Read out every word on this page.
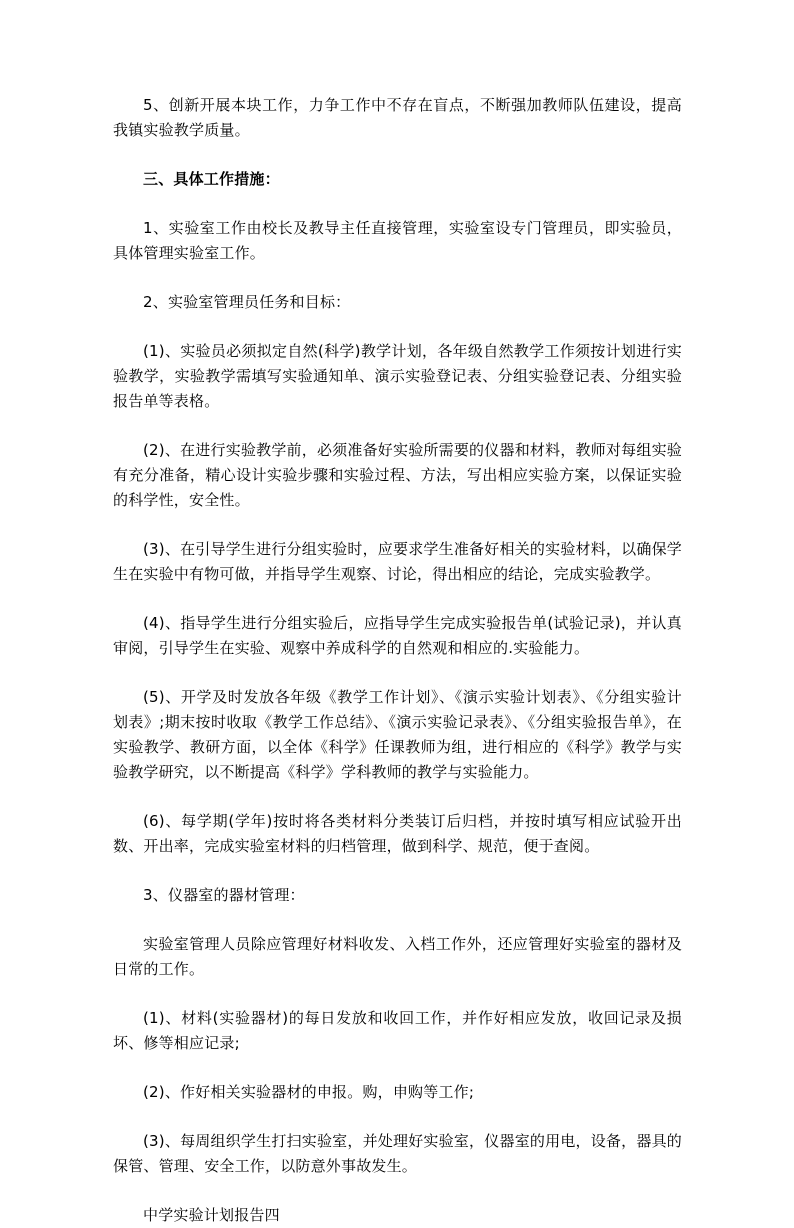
5、创新开展本块工作，力争工作中不存在盲点，不断强加教师队伍建设，提高我镇实验教学质量。

三、具体工作措施：

1、实验室工作由校长及教导主任直接管理，实验室设专门管理员，即实验员，具体管理实验室工作。

2、实验室管理员任务和目标：

(1)、实验员必须拟定自然(科学)教学计划，各年级自然教学工作须按计划进行实验教学，实验教学需填写实验通知单、演示实验登记表、分组实验登记表、分组实验报告单等表格。

(2)、在进行实验教学前，必须准备好实验所需要的仪器和材料，教师对每组实验有充分准备，精心设计实验步骤和实验过程、方法，写出相应实验方案，以保证实验的科学性，安全性。

(3)、在引导学生进行分组实验时，应要求学生准备好相关的实验材料，以确保学生在实验中有物可做，并指导学生观察、讨论，得出相应的结论，完成实验教学。

(4)、指导学生进行分组实验后，应指导学生完成实验报告单(试验记录)，并认真审阅，引导学生在实验、观察中养成科学的自然观和相应的.实验能力。

(5)、开学及时发放各年级《教学工作计划》、《演示实验计划表》、《分组实验计划表》;期末按时收取《教学工作总结》、《演示实验记录表》、《分组实验报告单》，在实验教学、教研方面，以全体《科学》任课教师为组，进行相应的《科学》教学与实验教学研究，以不断提高《科学》学科教师的教学与实验能力。

(6)、每学期(学年)按时将各类材料分类装订后归档，并按时填写相应试验开出数、开出率，完成实验室材料的归档管理，做到科学、规范，便于查阅。

3、仪器室的器材管理：

实验室管理人员除应管理好材料收发、入档工作外，还应管理好实验室的器材及日常的工作。

(1)、材料(实验器材)的每日发放和收回工作，并作好相应发放，收回记录及损坏、修等相应记录;

(2)、作好相关实验器材的申报。购，申购等工作;

(3)、每周组织学生打扫实验室，并处理好实验室，仪器室的用电，设备，器具的保管、管理、安全工作，以防意外事故发生。

中学实验计划报告四
